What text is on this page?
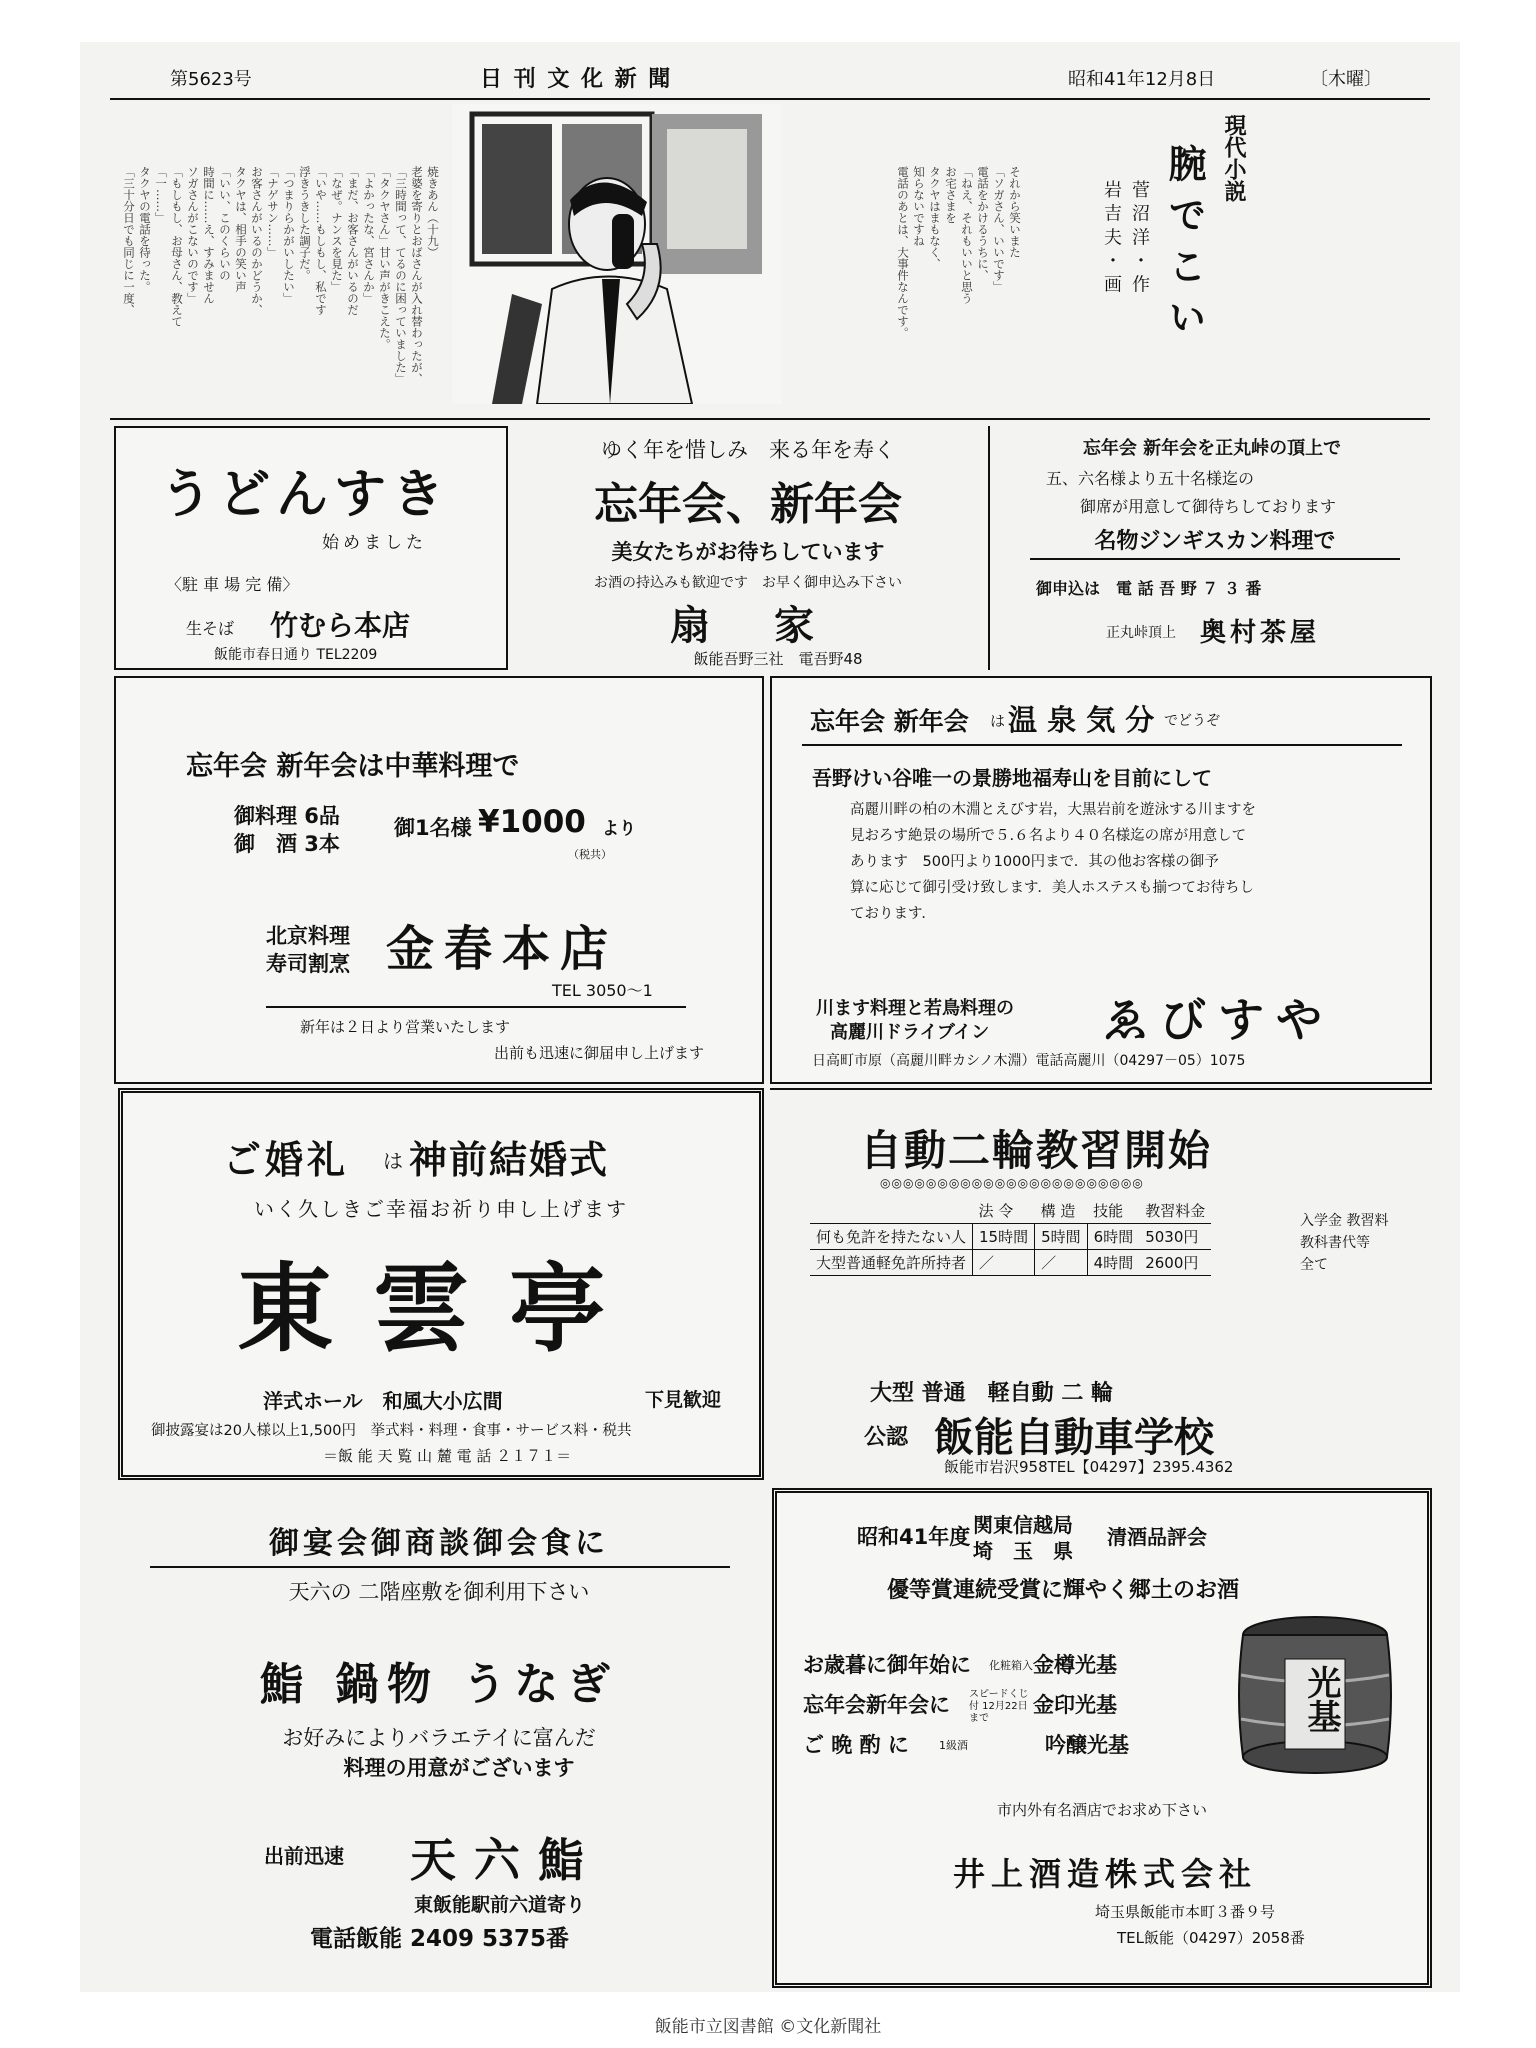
第5623号	日 刊 文 化 新 聞	昭和41年12月8日	〔木曜〕
焼きあん（十九）
老婆を寄りとおばさんが入れ替わったが、
「三時間って、てるのに困っていました」
「タクヤさん」甘い声がきこえた。
「よかったな、宮さんか」
「まだ、お客さんがいるのだ
「なぜ。ナンスを見た」
「いや……もしもし、私です
浮きうきした調子だ。
「つまりらかがいしたい」
「ナゲサン……」
お客さんがいるのかどうか、
タクヤは、相手の笑い声
「いい、このくらいの
時間に……え、すみません
ソガさんがこないのです」
「もしもし、お母さん、教えて
「一……」
タクヤの電話を待った。
「三十分日でも同じに一度、	それから笑いまた
「ソガさん、いいです」
電話をかけるうちに、
「ねえ、それもいいと思う
お宅さまを
タクヤはまもなく、
知らないですね
電話のあとは、大事件なんです。
現代小説
腕 で こ い
菅 沼 洋 ・ 作
岩 吉 夫 ・ 画
うどんすき
始めました
〈駐 車 場 完 備〉
生そば 竹むら本店
飯能市春日通り TEL2209
ゆく年を惜しみ　来る年を寿く
忘年会、新年会
美女たちがお待ちしています
お酒の持込みも歓迎です　お早く御申込み下さい
扇　家
飯能吾野三社　電吾野48
忘年会 新年会を正丸峠の頂上で
五、六名様より五十名様迄の
御席が用意して御待ちしております
名物ジンギスカン料理で
御申込は　電 話 吾 野 ７ ３ 番
正丸峠頂上 奥村茶屋
忘年会 新年会は中華料理で
御料理 6品
御　酒 3本
御1名様 ¥1000 より
（税共）
北京料理
寿司割烹 金春本店
TEL 3050～1
新年は２日より営業いたします
出前も迅速に御届申し上げます
忘年会 新年会 は 温 泉 気 分 でどうぞ
吾野けい谷唯一の景勝地福寿山を目前にして
高麗川畔の柏の木淵とえびす岩，大黒岩前を遊泳する川ますを
見おろす絶景の場所で５.６名より４０名様迄の席が用意して
あります　500円より1000円まで．其の他お客様の御予
算に応じて御引受け致します．美人ホステスも揃つてお待ちし
ております．
川ます料理と若鳥料理の
高麗川ドライブイン ゑびすや
日高町市原（高麗川畔カシノ木淵）電話高麗川（04297－05）1075
ご婚礼 は 神前結婚式
いく久しきご幸福お祈り申し上げます
東雲亭
洋式ホール　和風大小広間	下見歓迎
御披露宴は20人様以上1,500円　挙式料・料理・食事・サービス料・税共
＝飯 能 天 覧 山 麓 電 話 ２１７１＝
自動二輪教習開始
◎◎◎◎◎◎◎◎◎◎◎◎◎◎◎◎◎◎◎◎◎◎◎
	法 令	構 造	技能	教習料金
何も免許を持たない人	15時間	5時間	6時間	5030円
大型普通軽免許所持者	／	／	4時間	2600円
入学金 教習料
教科書代等
全て
大型 普通　軽自動 二 輪
公認 飯能自動車学校
飯能市岩沢958TEL【04297】2395.4362
御宴会御商談御会食に
天六の 二階座敷を御利用下さい
鮨 鍋物 うなぎ
お好みによりバラエテイに富んだ
料理の用意がございます
出前迅速 天六鮨
東飯能駅前六道寄り
電話飯能 2409 5375番
昭和41年度 関東信越局
埼　玉　県
清酒品評会
優等賞連続受賞に輝やく郷土のお酒
お歳暮に御年始に 化粧箱入 金樽光基
忘年会新年会に スピードくじ付 12月22日まで
金印光基
ご 晩 酌 に	1級酒	吟醸光基
光基
市内外有名酒店でお求め下さい
井上酒造株式会社
埼玉県飯能市本町３番９号
TEL飯能（04297）2058番
飯能市立図書館 ©文化新聞社
